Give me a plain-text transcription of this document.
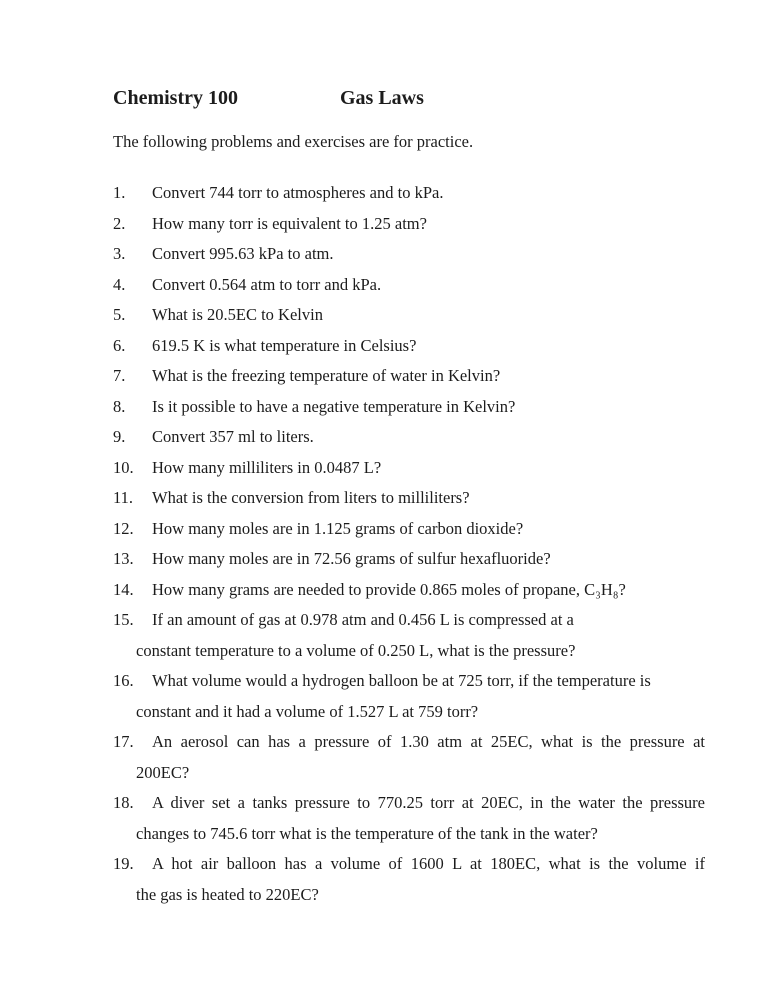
Chemistry 100	Gas Laws
The following problems and exercises are for practice.
1. Convert 744 torr to atmospheres and to kPa.
2. How many torr is equivalent to 1.25 atm?
3. Convert 995.63 kPa to atm.
4. Convert 0.564 atm to torr and kPa.
5. What is 20.5EC to Kelvin
6. 619.5 K is what temperature in Celsius?
7. What is the freezing temperature of water in Kelvin?
8. Is it possible to have a negative temperature in Kelvin?
9. Convert 357 ml to liters.
10. How many milliliters in 0.0487 L?
11. What is the conversion from liters to milliliters?
12. How many moles are in 1.125 grams of carbon dioxide?
13. How many moles are in 72.56 grams of sulfur hexafluoride?
14. How many grams are needed to provide 0.865 moles of propane, C₃H₈?
15. If an amount of gas at 0.978 atm and 0.456 L is compressed at a
constant temperature to a volume of 0.250 L, what is the pressure?
16. What volume would a hydrogen balloon be at 725 torr, if the temperature is
constant and it had a volume of 1.527 L at 759 torr?
17. An aerosol can has a pressure of 1.30 atm at 25EC, what is the pressure at
200EC?
18. A diver set a tanks pressure to 770.25 torr at 20EC, in the water the pressure
changes to 745.6 torr what is the temperature of the tank in the water?
19. A hot air balloon has a volume of 1600 L at 180EC, what is the volume if
the gas is heated to 220EC?
